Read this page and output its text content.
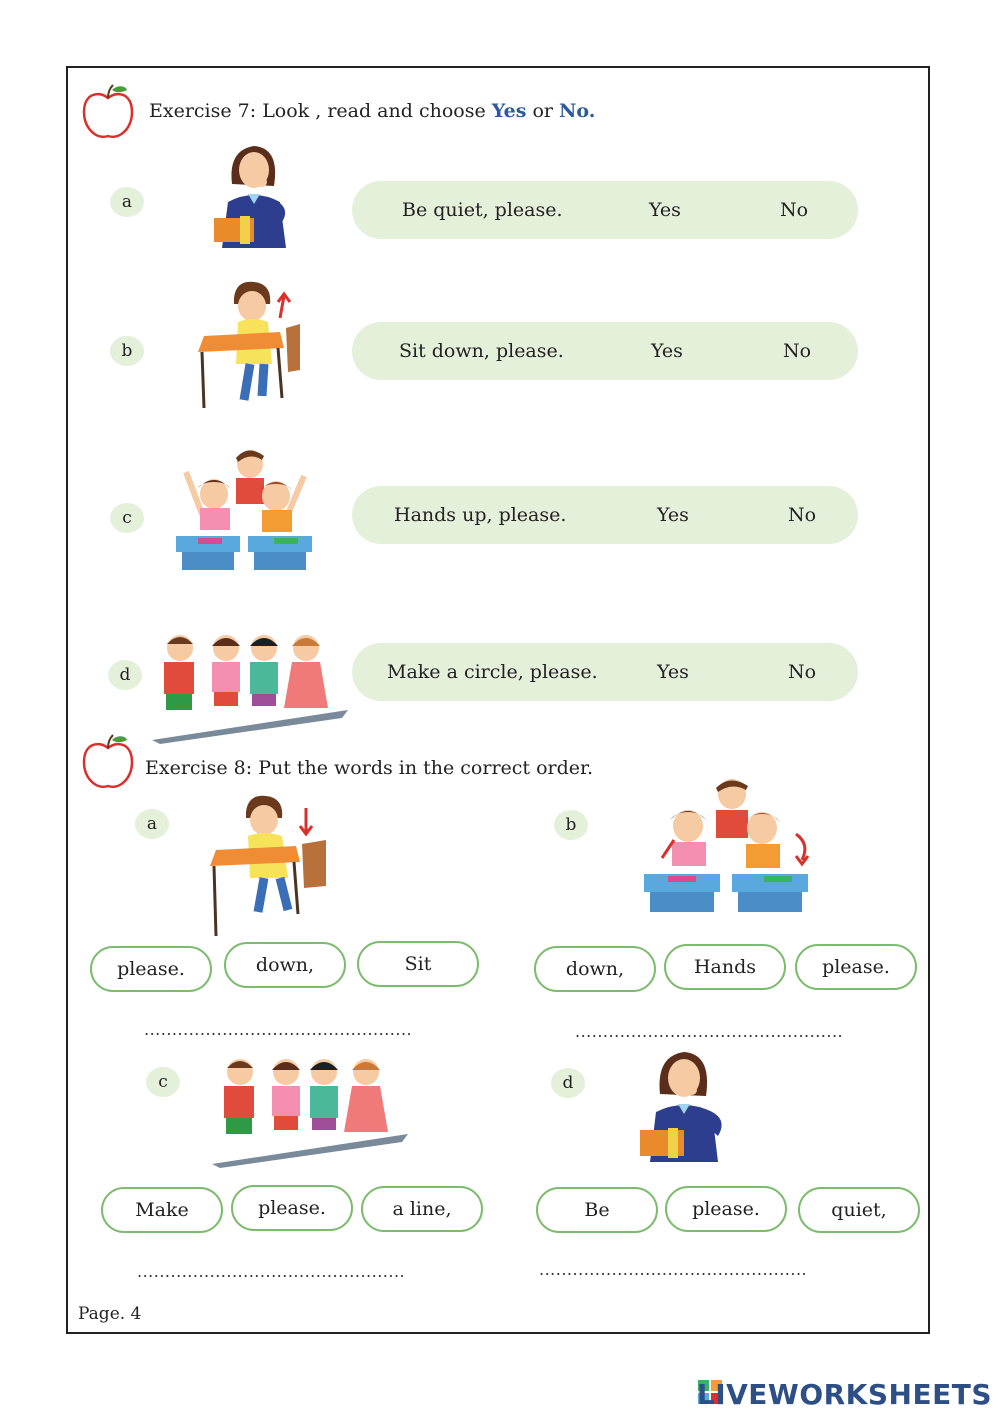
Exercise 7: Look , read and choose Yes or No.
a	Be quiet, please.	Yes	No
b	Sit down, please.	Yes	No
c	Hands up, please.	Yes	No
d	Make a circle, please.	Yes	No
Exercise 8: Put the words in the correct order.
a
please.	down,	Sit
................................................
b
down,	Hands	please.
................................................
c
Make	please.	a line,
................................................
d
Be	please.	quiet,
................................................
Page. 4
LIVEWORKSHEETS
